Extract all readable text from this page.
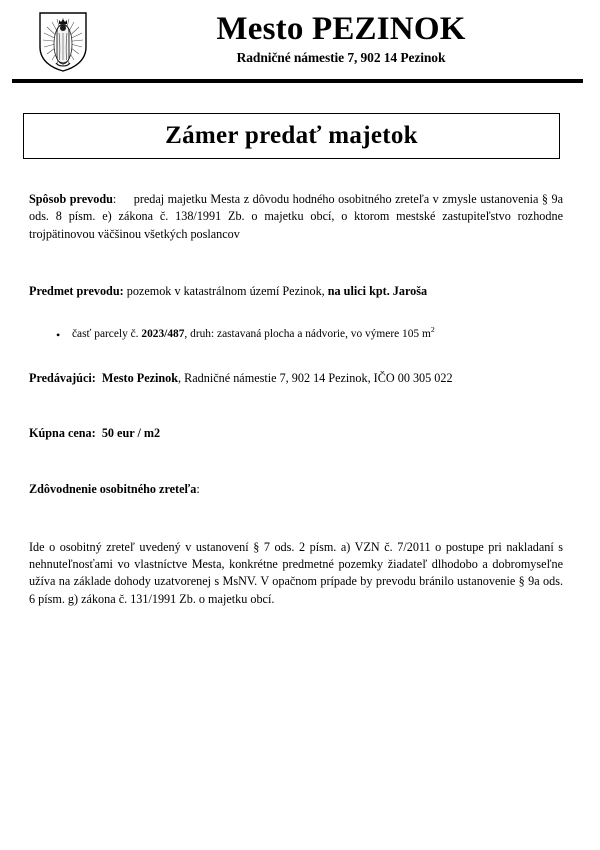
Mesto PEZINOK
Radničné námestie 7, 902 14 Pezinok
Zámer predať majetok

Spôsob prevodu: predaj majetku Mesta z dôvodu hodného osobitného zreteľa v zmysle ustanovenia § 9a ods. 8 písm. e) zákona č. 138/1991 Zb. o majetku obcí, o ktorom mestské zastupiteľstvo rozhodne trojpätinovou väčšinou všetkých poslancov

Predmet prevodu: pozemok v katastrálnom území Pezinok, na ulici kpt. Jaroša

•	časť parcely č. 2023/487, druh: zastavaná plocha a nádvorie, vo výmere 105 $m^2$

Predávajúci: Mesto Pezinok, Radničné námestie 7, 902 14 Pezinok, IČO 00 305 022

Kúpna cena: 50 eur / m2

Zdôvodnenie osobitného zreteľa:

Ide o osobitný zreteľ uvedený v ustanovení § 7 ods. 2 písm. a) VZN č. 7/2011 o postupe pri nakladaní s nehnuteľnosťami vo vlastníctve Mesta, konkrétne predmetné pozemky žiadateľ dlhodobo a dobromyseľne užíva na základe dohody uzatvorenej s MsNV. V opačnom prípade by prevodu bránilo ustanovenie § 9a ods. 6 písm. g) zákona č. 131/1991 Zb. o majetku obcí.
